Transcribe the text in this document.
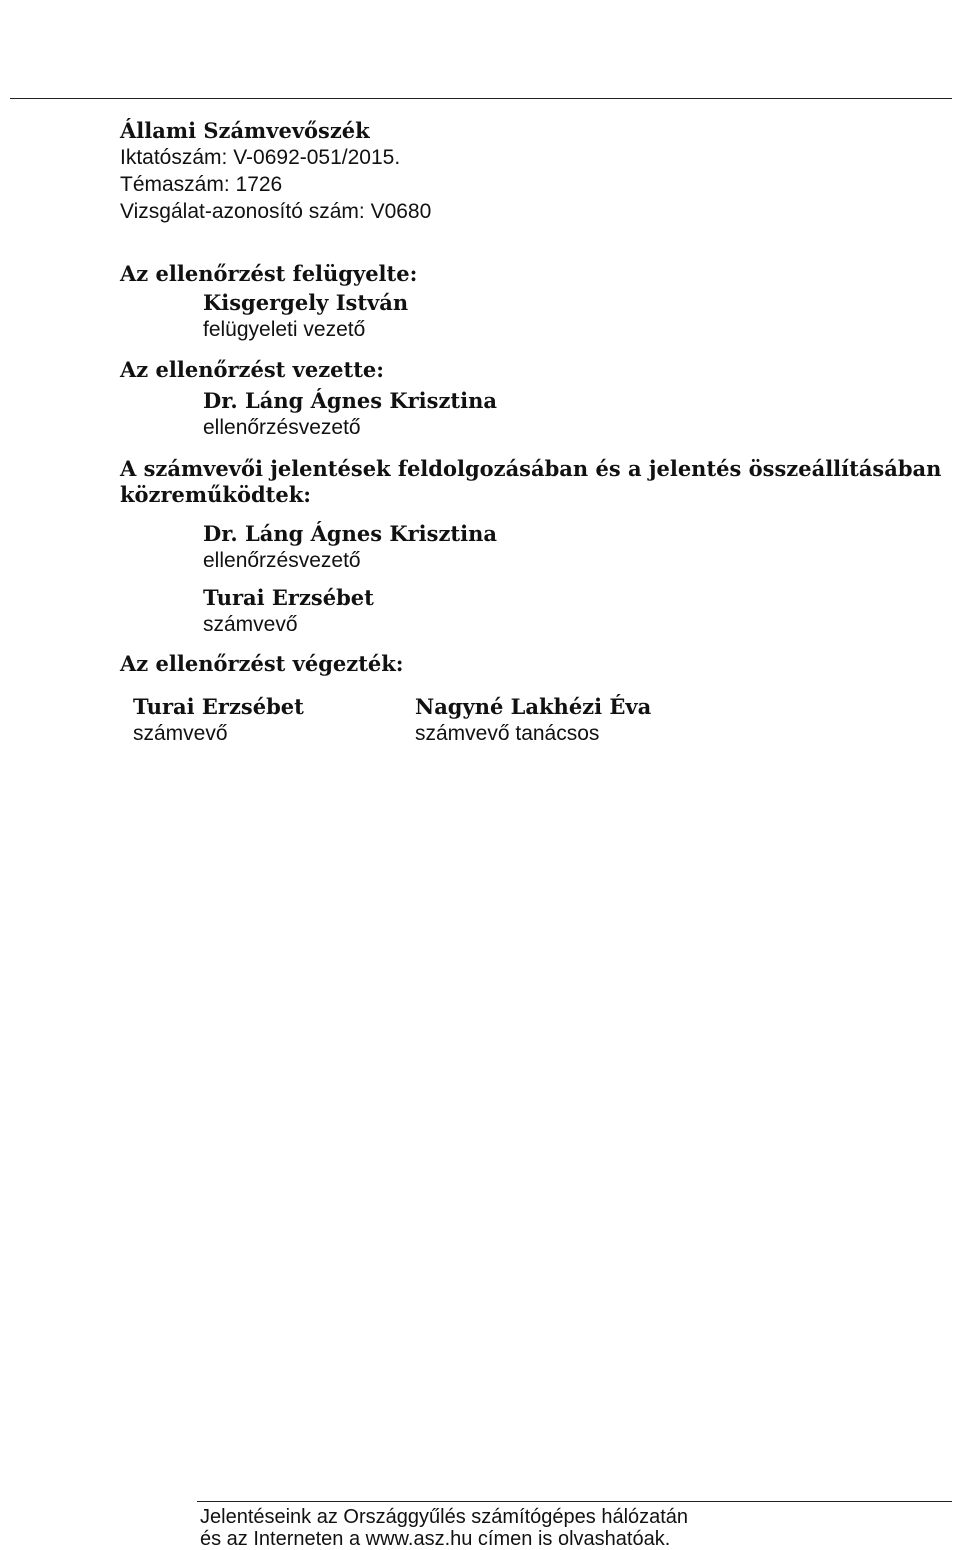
Állami Számvevőszék
Iktatószám: V-0692-051/2015.
Témaszám: 1726
Vizsgálat-azonosító szám: V0680
Az ellenőrzést felügyelte:
Kisgergely István
felügyeleti vezető
Az ellenőrzést vezette:
Dr. Láng Ágnes Krisztina
ellenőrzésvezető
A számvevői jelentések feldolgozásában és a jelentés összeállításában
közreműködtek:
Dr. Láng Ágnes Krisztina
ellenőrzésvezető
Turai Erzsébet
számvevő
Az ellenőrzést végezték:
Turai Erzsébet
számvevő
Nagyné Lakhézi Éva
számvevő tanácsos
Jelentéseink az Országgyűlés számítógépes hálózatán
és az Interneten a www.asz.hu címen is olvashatóak.
